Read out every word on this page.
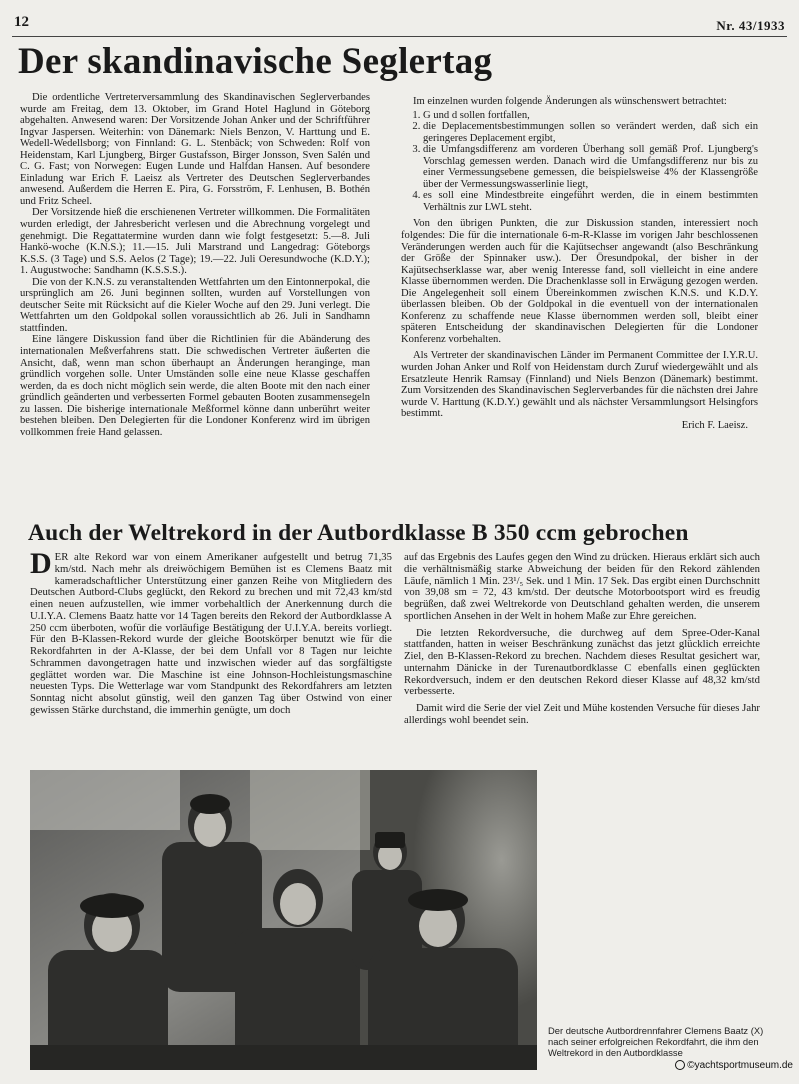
12	Nr. 43/1933
Der skandinavische Seglertag

Die ordentliche Vertreterversammlung des Skandinavischen Seglerverbandes wurde am Freitag, dem 13. Oktober, im Grand Hotel Haglund in Göteborg abgehalten. Anwesend waren: Der Vorsitzende Johan Anker und der Schriftführer Ingvar Jaspersen. Weiterhin: von Dänemark: Niels Benzon, V. Harttung und E. Wedell-Wedellsborg; von Finnland: G. L. Stenbäck; von Schweden: Rolf von Heidenstam, Karl Ljungberg, Birger Gustafsson, Birger Jonsson, Sven Salén und C. G. Fast; von Norwegen: Eugen Lunde und Halfdan Hansen. Auf besondere Einladung war Erich F. Laeisz als Vertreter des Deutschen Seglerverbandes anwesend. Außerdem die Herren E. Pira, G. Forsström, F. Lenhusen, B. Bothén und Fritz Scheel.

Der Vorsitzende hieß die erschienenen Vertreter willkommen. Die Formalitäten wurden erledigt, der Jahresbericht verlesen und die Abrechnung vorgelegt und genehmigt. Die Regattatermine wurden dann wie folgt festgesetzt: 5.—8. Juli Hankö-woche (K.N.S.); 11.—15. Juli Marstrand und Langedrag: Göteborgs K.S.S. (3 Tage) und S.S. Aelos (2 Tage); 19.—22. Juli Oeresundwoche (K.D.Y.); 1. Augustwoche: Sandhamn (K.S.S.S.).

Die von der K.N.S. zu veranstaltenden Wettfahrten um den Eintonnerpokal, die ursprünglich am 26. Juni beginnen sollten, wurden auf Vorstellungen von deutscher Seite mit Rücksicht auf die Kieler Woche auf den 29. Juni verlegt. Die Wettfahrten um den Goldpokal sollen voraussichtlich ab 26. Juli in Sandhamn stattfinden.

Eine längere Diskussion fand über die Richtlinien für die Abänderung des internationalen Meßverfahrens statt. Die schwedischen Vertreter äußerten die Ansicht, daß, wenn man schon überhaupt an Änderungen heranginge, man gründlich vorgehen solle. Unter Umständen solle eine neue Klasse geschaffen werden, da es doch nicht möglich sein werde, die alten Boote mit den nach einer gründlich geänderten und verbesserten Formel gebauten Booten zusammensegeln zu lassen. Die bisherige internationale Meßformel könne dann unberührt weiter bestehen bleiben. Den Delegierten für die Londoner Konferenz wird im übrigen vollkommen freie Hand gelassen.

Im einzelnen wurden folgende Änderungen als wünschenswert betrachtet:

1. G und d sollen fortfallen,
2. die Deplacementsbestimmungen sollen so verändert werden, daß sich ein geringeres Deplacement ergibt,
3. die Umfangsdifferenz am vorderen Überhang soll gemäß Prof. Ljungberg's Vorschlag gemessen werden. Danach wird die Umfangsdifferenz nur bis zu einer Vermessungsebene gemessen, die beispielsweise 4% der Klassengröße über der Vermessungswasserlinie liegt,
4. es soll eine Mindestbreite eingeführt werden, die in einem bestimmten Verhältnis zur LWL steht.

Von den übrigen Punkten, die zur Diskussion standen, interessiert noch folgendes: Die für die internationale 6-m-R-Klasse im vorigen Jahr beschlossenen Veränderungen werden auch für die Kajütsechser angewandt (also Beschränkung der Größe der Spinnaker usw.). Der Öresundpokal, der bisher in der Kajütsechserklasse war, aber wenig Interesse fand, soll vielleicht in eine andere Klasse übernommen werden. Die Drachenklasse soll in Erwägung gezogen werden. Die Angelegenheit soll einem Übereinkommen zwischen K.N.S. und K.D.Y. überlassen bleiben. Ob der Goldpokal in die eventuell von der internationalen Konferenz zu schaffende neue Klasse übernommen werden soll, bleibt einer späteren Entscheidung der skandinavischen Delegierten für die Londoner Konferenz vorbehalten.

Als Vertreter der skandinavischen Länder im Permanent Committee der I.Y.R.U. wurden Johan Anker und Rolf von Heidenstam durch Zuruf wiedergewählt und als Ersatzleute Henrik Ramsay (Finnland) und Niels Benzon (Dänemark) bestimmt. Zum Vorsitzenden des Skandinavischen Seglerverbandes für die nächsten drei Jahre wurde V. Harttung (K.D.Y.) gewählt und als nächster Versammlungsort Helsingfors bestimmt.

Erich F. Laeisz.
Auch der Weltrekord in der Autbordklasse B 350 ccm gebrochen

DER alte Rekord war von einem Amerikaner aufgestellt und betrug 71,35 km/std. Nach mehr als dreiwöchigem Bemühen ist es Clemens Baatz mit kameradschaftlicher Unterstützung einer ganzen Reihe von Mitgliedern des Deutschen Autbord-Clubs geglückt, den Rekord zu brechen und mit 72,43 km/std einen neuen aufzustellen, wie immer vorbehaltlich der Anerkennung durch die U.I.Y.A. Clemens Baatz hatte vor 14 Tagen bereits den Rekord der Autbordklasse A 250 ccm überboten, wofür die vorläufige Bestätigung der U.I.Y.A. bereits vorliegt. Für den B-Klassen-Rekord wurde der gleiche Bootskörper benutzt wie für die Rekordfahrten in der A-Klasse, der bei dem Unfall vor 8 Tagen nur leichte Schrammen davongetragen hatte und inzwischen wieder auf das sorgfältigste geglättet worden war. Die Maschine ist eine Johnson-Hochleistungsmaschine neuesten Typs. Die Wetterlage war vom Standpunkt des Rekordfahrers am letzten Sonntag nicht absolut günstig, weil den ganzen Tag über Ostwind von einer gewissen Stärke durchstand, die immerhin genügte, um doch

auf das Ergebnis des Laufes gegen den Wind zu drücken. Hieraus erklärt sich auch die verhältnismäßig starke Abweichung der beiden für den Rekord zählenden Läufe, nämlich 1 Min. 23¹/₅ Sek. und 1 Min. 17 Sek. Das ergibt einen Durchschnitt von 39,08 sm = 72, 43 km/std. Der deutsche Motorbootsport wird es freudig begrüßen, daß zwei Weltrekorde von Deutschland gehalten werden, die unserem sportlichen Ansehen in der Welt in hohem Maße zur Ehre gereichen.

Die letzten Rekordversuche, die durchweg auf dem Spree-Oder-Kanal stattfanden, hatten in weiser Beschränkung zunächst das jetzt glücklich erreichte Ziel, den B-Klassen-Rekord zu brechen. Nachdem dieses Resultat gesichert war, unternahm Dänicke in der Turenautbordklasse C ebenfalls einen geglückten Rekordversuch, indem er den deutschen Rekord dieser Klasse auf 48,32 km/std verbesserte.

Damit wird die Serie der viel Zeit und Mühe kostenden Versuche für dieses Jahr allerdings wohl beendet sein.

Der deutsche Autbordrennfahrer Clemens Baatz (X) nach seiner erfolgreichen Rekordfahrt, die ihm den Weltrekord in den Autbordklasse
©yachtsportmuseum.de
